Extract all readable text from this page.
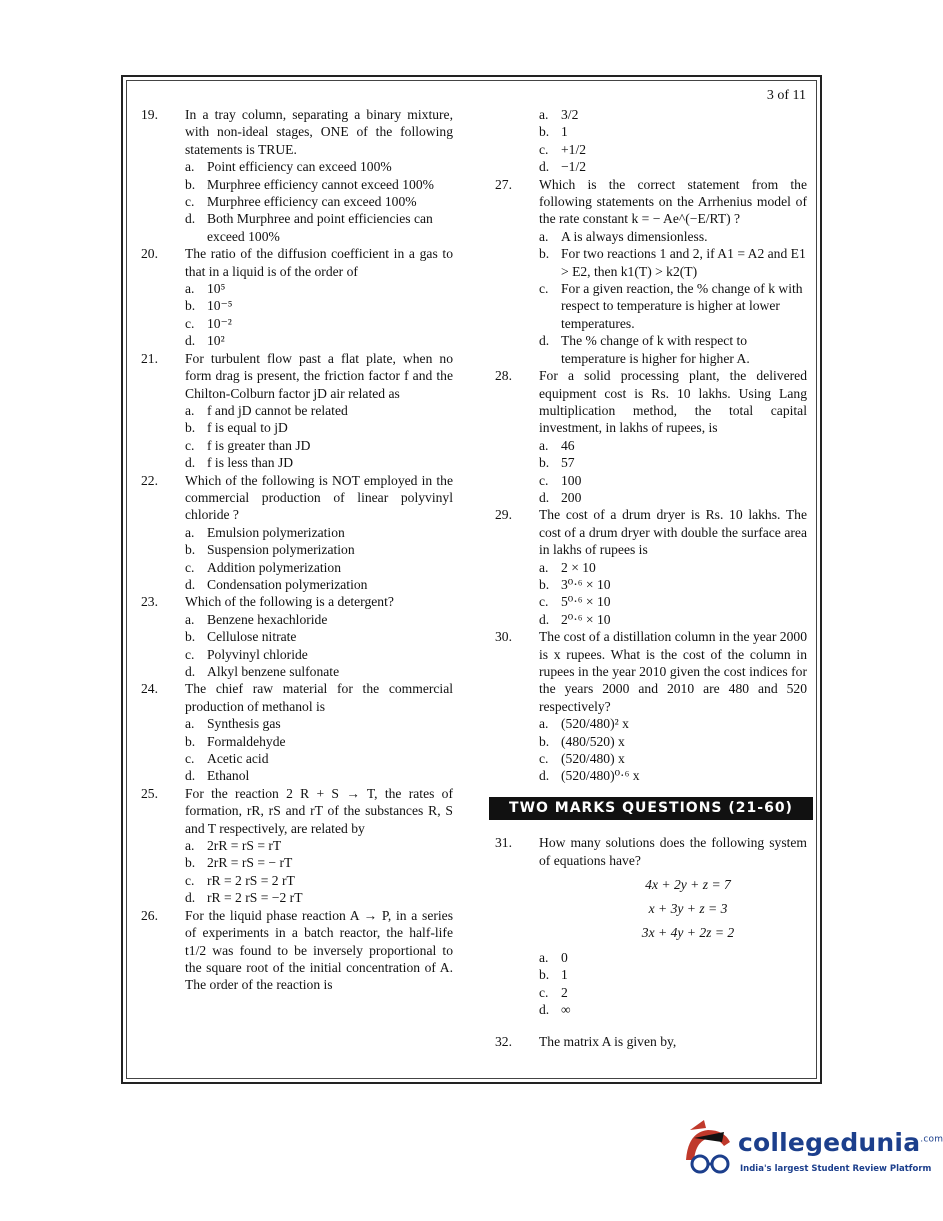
3 of 11
19. In a tray column, separating a binary mixture, with non-ideal stages, ONE of the following statements is TRUE.
a. Point efficiency can exceed 100%
b. Murphree efficiency cannot exceed 100%
c. Murphree efficiency can exceed 100%
d. Both Murphree and point efficiencies can exceed 100%
20. The ratio of the diffusion coefficient in a gas to that in a liquid is of the order of
a. 10⁵
b. 10⁻⁵
c. 10⁻²
d. 10²
21. For turbulent flow past a flat plate, when no form drag is present, the friction factor f and the Chilton-Colburn factor jD air related as
a. f and jD cannot be related
b. f is equal to jD
c. f is greater than JD
d. f is less than JD
22. Which of the following is NOT employed in the commercial production of linear polyvinyl chloride ?
a. Emulsion polymerization
b. Suspension polymerization
c. Addition polymerization
d. Condensation polymerization
23. Which of the following is a detergent?
a. Benzene hexachloride
b. Cellulose nitrate
c. Polyvinyl chloride
d. Alkyl benzene sulfonate
24. The chief raw material for the commercial production of methanol is
a. Synthesis gas
b. Formaldehyde
c. Acetic acid
d. Ethanol
25. For the reaction 2 R + S → T, the rates of formation, rR, rS and rT of the substances R, S and T respectively, are related by
a. 2rR = rS = rT
b. 2rR = rS = − rT
c. rR = 2 rS = 2 rT
d. rR = 2 rS = −2 rT
26. For the liquid phase reaction A → P, in a series of experiments in a batch reactor, the half-life t1/2 was found to be inversely proportional to the square root of the initial concentration of A. The order of the reaction is
a. 3/2
b. 1
c. +1/2
d. −1/2
27. Which is the correct statement from the following statements on the Arrhenius model of the rate constant k = − Ae^(−E/RT) ?
a. A is always dimensionless.
b. For two reactions 1 and 2, if A1 = A2 and E1 > E2, then k1(T) > k2(T)
c. For a given reaction, the % change of k with respect to temperature is higher at lower temperatures.
d. The % change of k with respect to temperature is higher for higher A.
28. For a solid processing plant, the delivered equipment cost is Rs. 10 lakhs. Using Lang multiplication method, the total capital investment, in lakhs of rupees, is
a. 46
b. 57
c. 100
d. 200
29. The cost of a drum dryer is Rs. 10 lakhs. The cost of a drum dryer with double the surface area in lakhs of rupees is
a. 2 × 10
b. 3⁰·⁶ × 10
c. 5⁰·⁶ × 10
d. 2⁰·⁶ × 10
30. The cost of a distillation column in the year 2000 is x rupees. What is the cost of the column in rupees in the year 2010 given the cost indices for the years 2000 and 2010 are 480 and 520 respectively?
a. (520/480)² x
b. (480/520) x
c. (520/480) x
d. (520/480)⁰·⁶ x
TWO MARKS QUESTIONS (21-60)
31. How many solutions does the following system of equations have?
4x + 2y + z = 7
x + 3y + z = 3
3x + 4y + 2z = 2
a. 0
b. 1
c. 2
d. ∞
32. The matrix A is given by,
collegedunia$^{.com}$
India's largest Student Review Platform
